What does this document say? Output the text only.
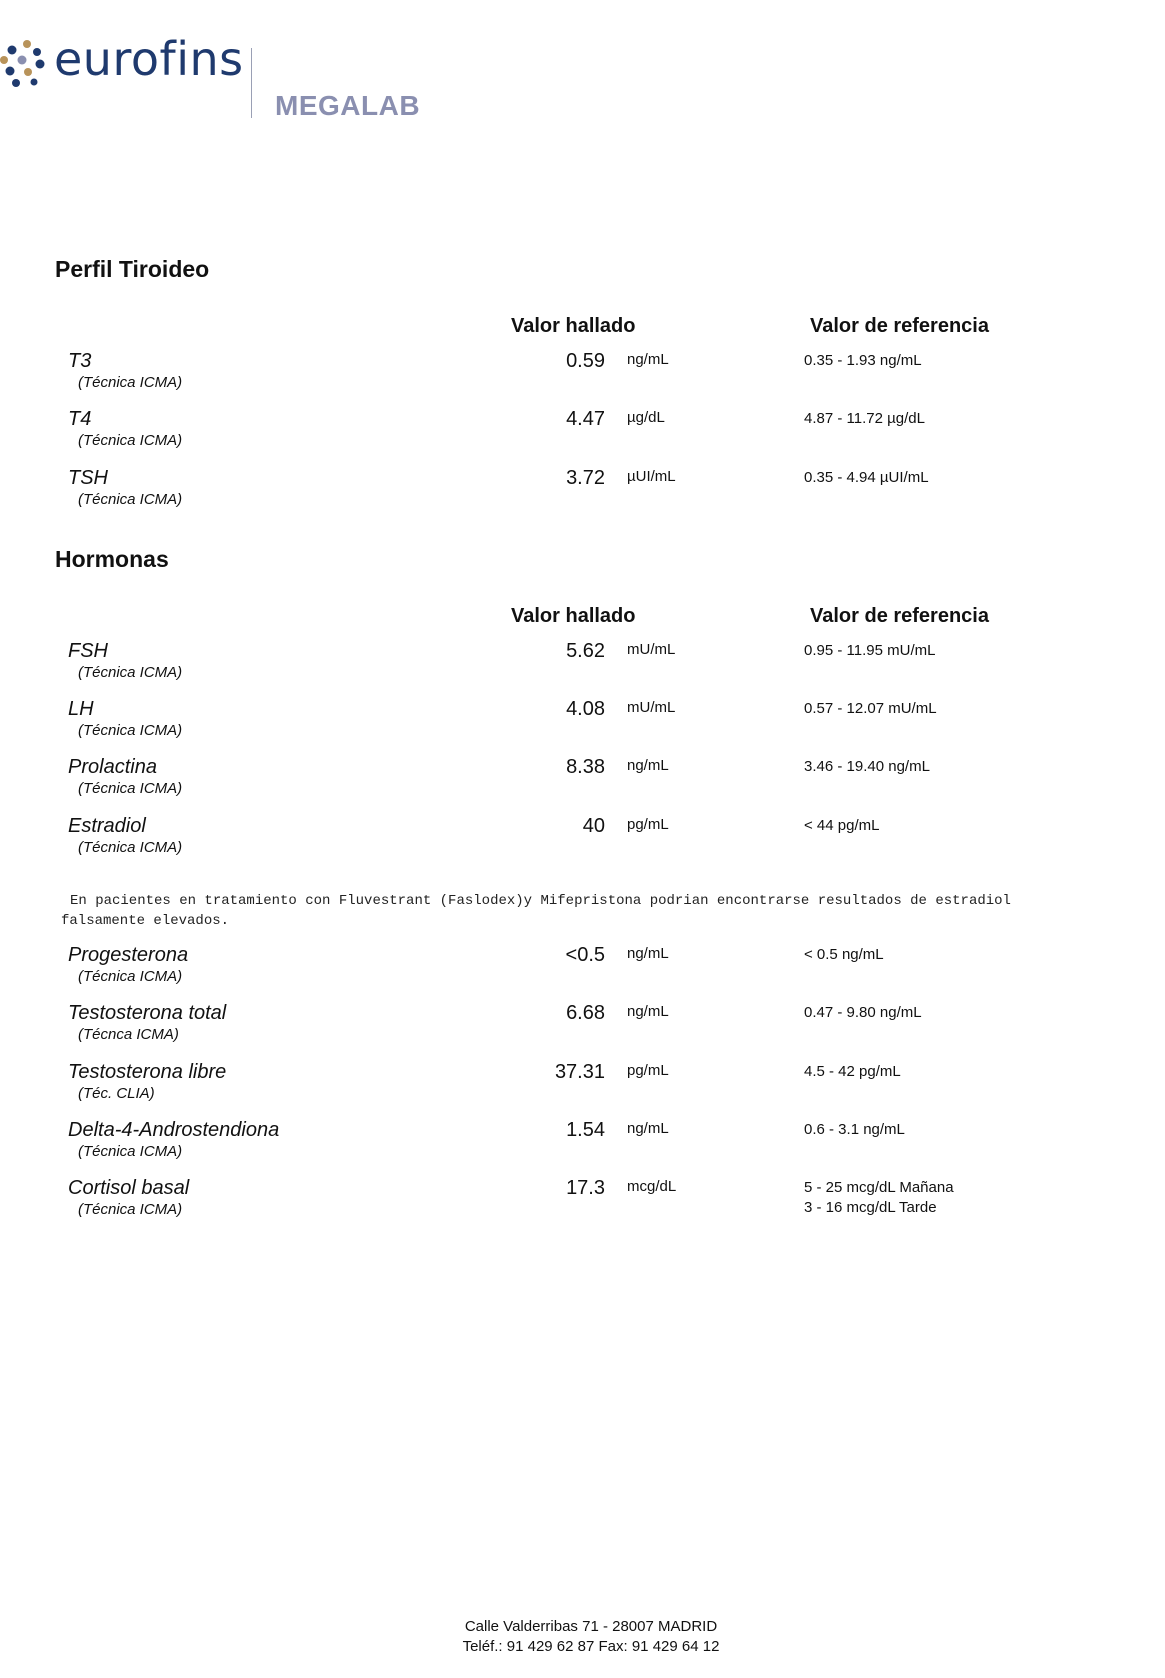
eurofins
MEGALAB
Perfil Tiroideo
Valor hallado	Valor de referencia
T3
(Técnica ICMA)
0.59 ng/mL	0.35 - 1.93 ng/mL
T4
(Técnica ICMA)
4.47 µg/dL	4.87 - 11.72 µg/dL
TSH
(Técnica ICMA)
3.72 µUI/mL	0.35 - 4.94 µUI/mL
Hormonas
Valor hallado	Valor de referencia
FSH
(Técnica ICMA)
5.62 mU/mL	0.95 - 11.95 mU/mL
LH
(Técnica ICMA)
4.08 mU/mL	0.57 - 12.07 mU/mL
Prolactina
(Técnica ICMA)
8.38 ng/mL	3.46 - 19.40 ng/mL
Estradiol
(Técnica ICMA)
40 pg/mL	< 44 pg/mL
En pacientes en tratamiento con Fluvestrant (Faslodex)y Mifepristona podrian encontrarse resultados de estradiol falsamente elevados.
Progesterona
(Técnica ICMA)
<0.5 ng/mL	< 0.5 ng/mL
Testosterona total
(Técnca ICMA)
6.68 ng/mL	0.47 - 9.80 ng/mL
Testosterona libre
(Téc. CLIA)
37.31 pg/mL	4.5 - 42 pg/mL
Delta-4-Androstendiona
(Técnica ICMA)
1.54 ng/mL	0.6 - 3.1 ng/mL
Cortisol basal
(Técnica ICMA)
17.3 mcg/dL	5 - 25 mcg/dL Mañana
3 - 16 mcg/dL Tarde
Calle Valderribas 71 - 28007 MADRID
Teléf.: 91 429 62 87 Fax: 91 429 64 12
